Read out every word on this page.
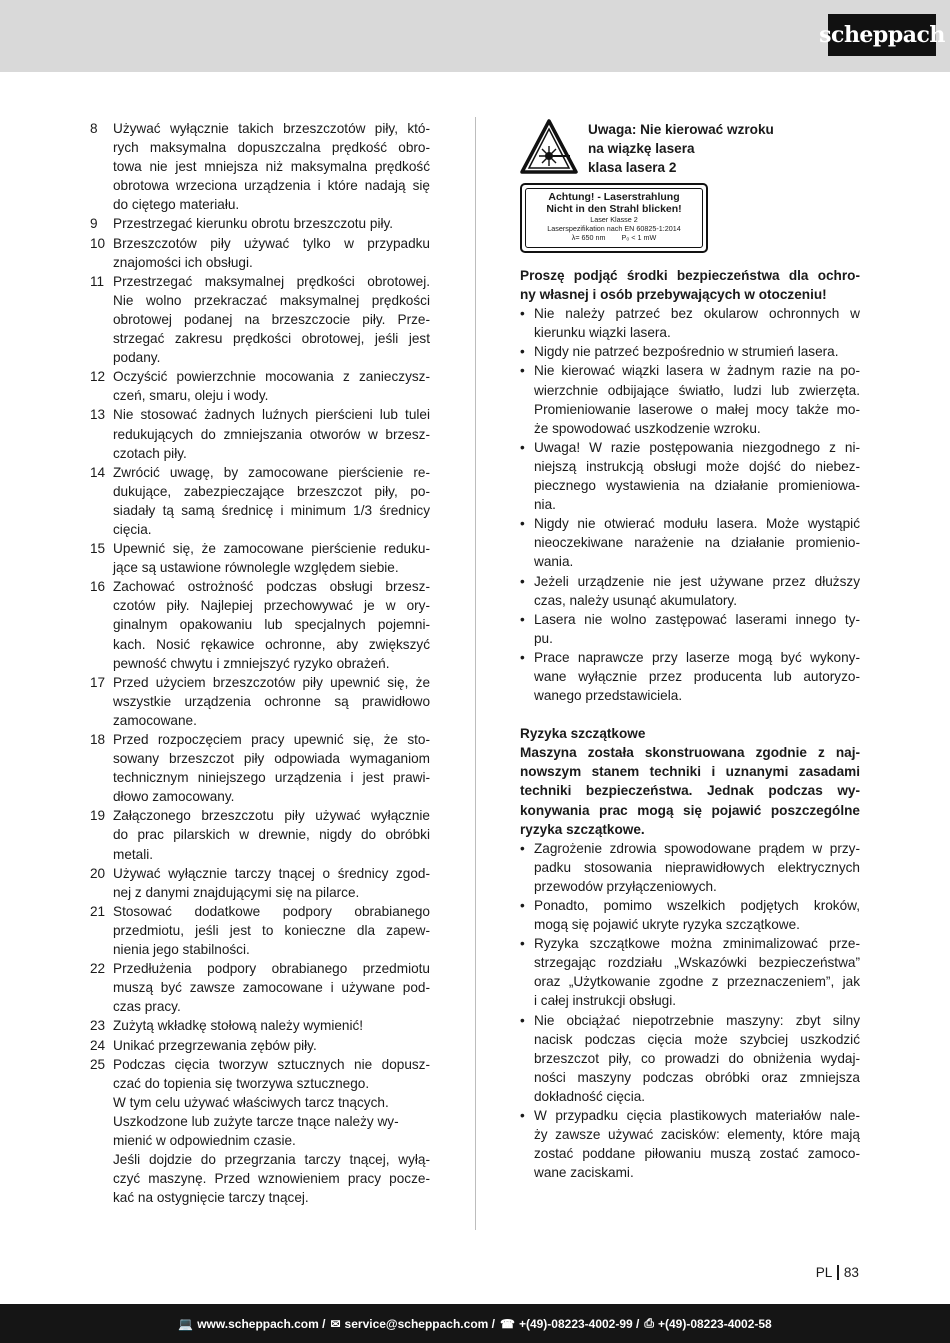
scheppach
8	Używać wyłącznie takich brzeszczotów piły, któ-
rych maksymalna dopuszczalna prędkość obro-
towa nie jest mniejsza niż maksymalna prędkość
obrotowa wrzeciona urządzenia i które nadają się
do ciętego materiału.
9	Przestrzegać kierunku obrotu brzeszczotu piły.
10 Brzeszczotów piły używać tylko w przypadku
znajomości ich obsługi.
11 Przestrzegać maksymalnej prędkości obrotowej.
Nie wolno przekraczać maksymalnej prędkości
obrotowej podanej na brzeszczocie piły. Prze-
strzegać zakresu prędkości obrotowej, jeśli jest
podany.
12 Oczyścić powierzchnie mocowania z zanieczysz-
czeń, smaru, oleju i wody.
13 Nie stosować żadnych luźnych pierścieni lub tulei
redukujących do zmniejszania otworów w brzesz-
czotach piły.
14 Zwrócić uwagę, by zamocowane pierścienie re-
dukujące, zabezpieczające brzeszczot piły, po-
siadały tą samą średnicę i minimum 1/3 średnicy
cięcia.
15 Upewnić się, że zamocowane pierścienie reduku-
jące są ustawione równolegle względem siebie.
16 Zachować ostrożność podczas obsługi brzesz-
czotów piły. Najlepiej przechowywać je w ory-
ginalnym opakowaniu lub specjalnych pojemni-
kach. Nosić rękawice ochronne, aby zwiększyć
pewność chwytu i zmniejszyć ryzyko obrażeń.
17 Przed użyciem brzeszczotów piły upewnić się, że
wszystkie urządzenia ochronne są prawidłowo
zamocowane.
18 Przed rozpoczęciem pracy upewnić się, że sto-
sowany brzeszczot piły odpowiada wymaganiom
technicznym niniejszego urządzenia i jest prawi-
dłowo zamocowany.
19 Załączonego brzeszczotu piły używać wyłącznie
do prac pilarskich w drewnie, nigdy do obróbki
metali.
20 Używać wyłącznie tarczy tnącej o średnicy zgod-
nej z danymi znajdującymi się na pilarce.
21 Stosować dodatkowe podpory obrabianego
przedmiotu, jeśli jest to konieczne dla zapew-
nienia jego stabilności.
22 Przedłużenia podpory obrabianego przedmiotu
muszą być zawsze zamocowane i używane pod-
czas pracy.
23 Zużytą wkładkę stołową należy wymienić!
24 Unikać przegrzewania zębów piły.
25 Podczas cięcia tworzyw sztucznych nie dopusz-
czać do topienia się tworzywa sztucznego.
W tym celu używać właściwych tarcz tnących.
Uszkodzone lub zużyte tarcze tnące należy wy-
mienić w odpowiednim czasie.
Jeśli dojdzie do przegrzania tarczy tnącej, wyłą-
czyć maszynę. Przed wznowieniem pracy pocze-
kać na ostygnięcie tarczy tnącej.
Uwaga: Nie kierować wzroku
na wiązkę lasera
klasa lasera 2
Achtung! - Laserstrahlung
Nicht in den Strahl blicken!
Laser Klasse 2
Laserspezifikation nach EN 60825-1:2014
λ= 650 nm P₀ < 1 mW
Proszę podjąć środki bezpieczeństwa dla ochro-
ny własnej i osób przebywających w otoczeniu!
• Nie należy patrzeć bez okularow ochronnych w
kierunku wiązki lasera.
• Nigdy nie patrzeć bezpośrednio w strumień lasera.
• Nie kierować wiązki lasera w żadnym razie na po-
wierzchnie odbijające światło, ludzi lub zwierzęta.
Promieniowanie laserowe o małej mocy także mo-
że spowodować uszkodzenie wzroku.
• Uwaga! W razie postępowania niezgodnego z ni-
niejszą instrukcją obsługi może dojść do niebez-
piecznego wystawienia na działanie promieniowa-
nia.
• Nigdy nie otwierać modułu lasera. Może wystąpić
nieoczekiwane narażenie na działanie promienio-
wania.
• Jeżeli urządzenie nie jest używane przez dłuższy
czas, należy usunąć akumulatory.
• Lasera nie wolno zastępować laserami innego ty-
pu.
• Prace naprawcze przy laserze mogą być wykony-
wane wyłącznie przez producenta lub autoryzo-
wanego przedstawiciela.
Ryzyka szczątkowe
Maszyna została skonstruowana zgodnie z naj-
nowszym stanem techniki i uznanymi zasadami
techniki bezpieczeństwa. Jednak podczas wy-
konywania prac mogą się pojawić poszczególne
ryzyka szczątkowe.
• Zagrożenie zdrowia spowodowane prądem w przy-
padku stosowania nieprawidłowych elektrycznych
przewodów przyłączeniowych.
• Ponadto, pomimo wszelkich podjętych kroków,
mogą się pojawić ukryte ryzyka szczątkowe.
• Ryzyka szczątkowe można zminimalizować prze-
strzegając rozdziału „Wskazówki bezpieczeństwa”
oraz „Użytkowanie zgodne z przeznaczeniem”, jak
i całej instrukcji obsługi.
• Nie obciążać niepotrzebnie maszyny: zbyt silny
nacisk podczas cięcia może szybciej uszkodzić
brzeszczot piły, co prowadzi do obniżenia wydaj-
ności maszyny podczas obróbki oraz zmniejsza
dokładność cięcia.
• W przypadku cięcia plastikowych materiałów nale-
ży zawsze używać zacisków: elementy, które mają
zostać poddane piłowaniu muszą zostać zamoco-
wane zaciskami.
PL 83
💻 www.scheppach.com / ✉ service@scheppach.com / ☎ +(49)-08223-4002-99 / ⎙ +(49)-08223-4002-58
